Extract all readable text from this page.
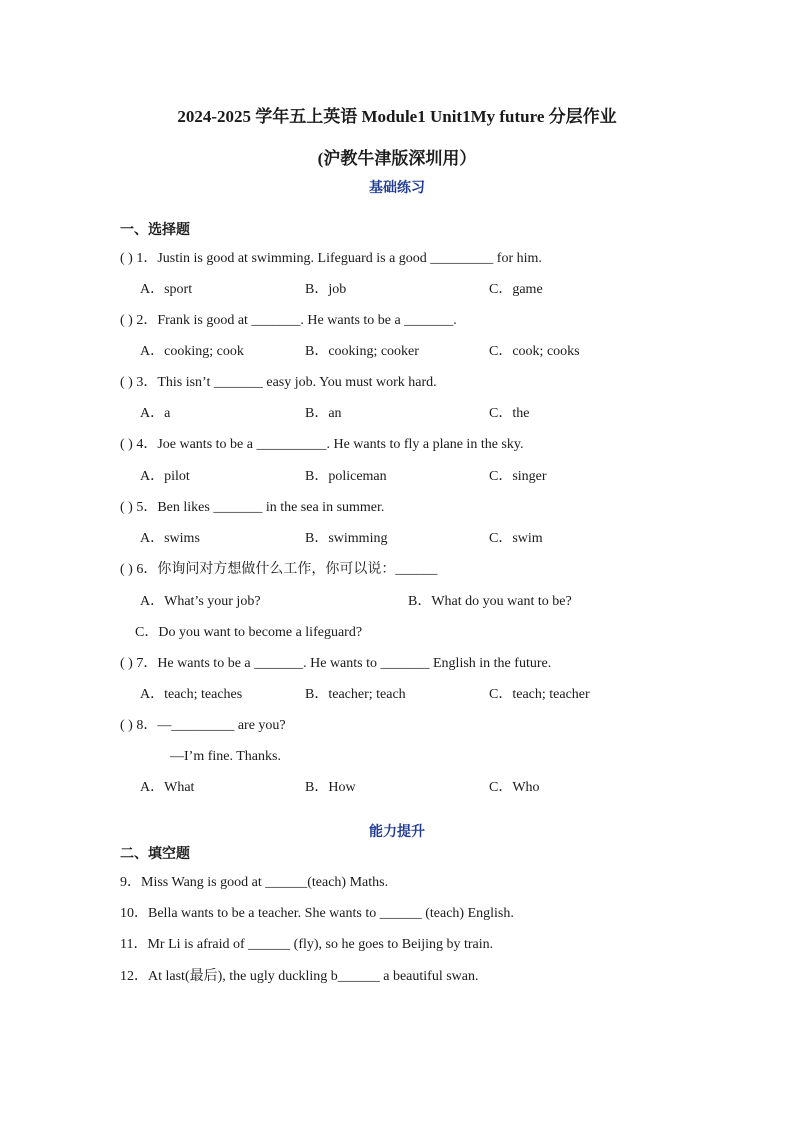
2024-2025 学年五上英语 Module1 Unit1My future 分层作业
(沪教牛津版深圳用）
基础练习
一、选择题
( ) 1．Justin is good at swimming. Lifeguard is a good _________ for him.
A．sport	B．job	C．game
( ) 2．Frank is good at _______. He wants to be a _______.
A．cooking; cook	B．cooking; cooker	C．cook; cooks
( ) 3．This isn’t _______ easy job. You must work hard.
A．a	B．an	C．the
( ) 4．Joe wants to be a __________. He wants to fly a plane in the sky.
A．pilot	B．policeman	C．singer
( ) 5．Ben likes _______ in the sea in summer.
A．swims	B．swimming	C．swim
( ) 6．你询问对方想做什么工作，你可以说：______
A．What’s your job?	B．What do you want to be?
C．Do you want to become a lifeguard?
( ) 7．He wants to be a _______. He wants to _______ English in the future.
A．teach; teaches	B．teacher; teach	C．teach; teacher
( ) 8．—_________ are you?
—I’m fine. Thanks.
A．What	B．How	C．Who
能力提升
二、填空题
9．Miss Wang is good at ______(teach) Maths.
10．Bella wants to be a teacher. She wants to ______ (teach) English.
11．Mr Li is afraid of ______ (fly), so he goes to Beijing by train.
12．At last(最后), the ugly duckling b______ a beautiful swan.
